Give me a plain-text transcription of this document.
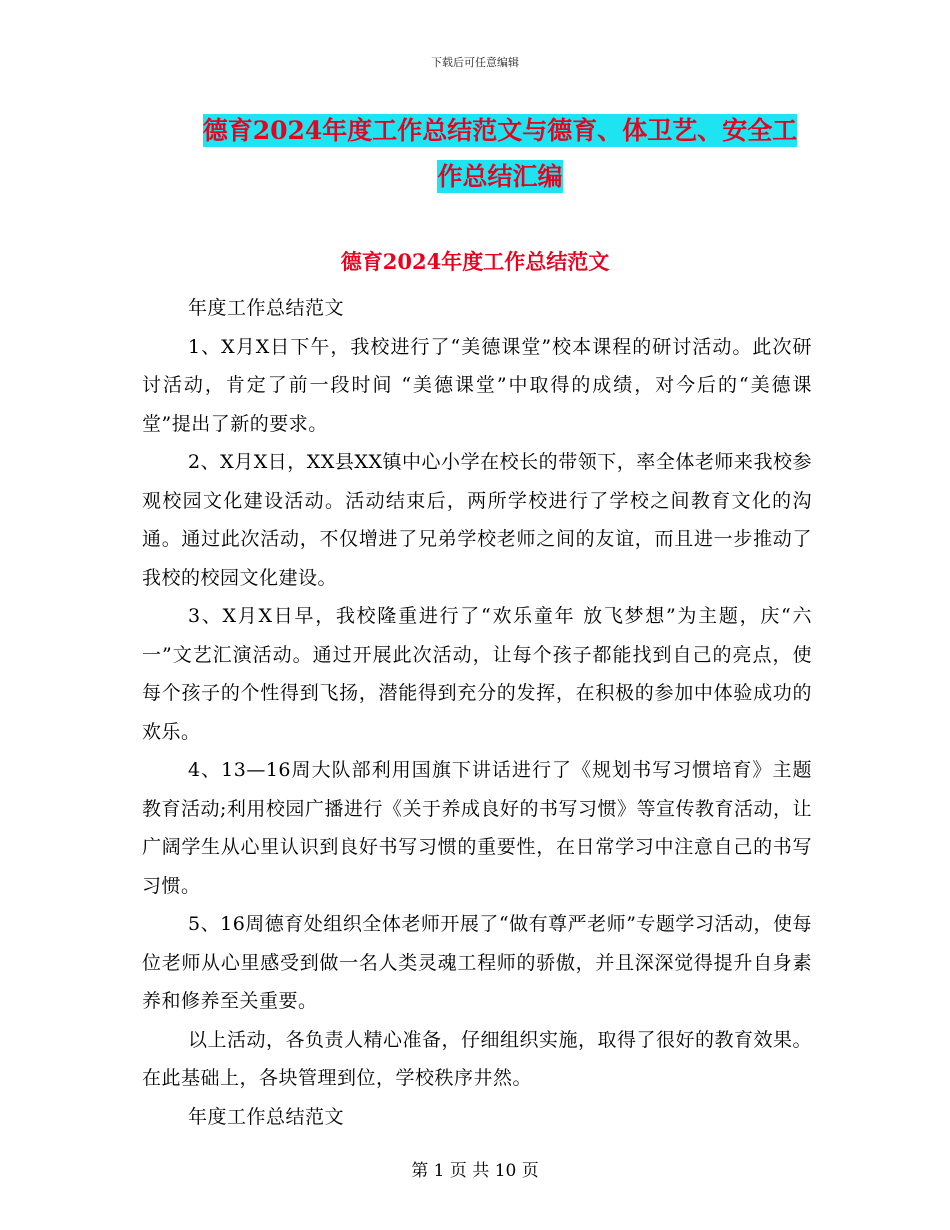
下载后可任意编辑
德育2024年度工作总结范文与德育、体卫艺、安全工
作总结汇编
德育2024年度工作总结范文

年度工作总结范文

1、X月X日下午，我校进行了“美德课堂”校本课程的研讨活动。此次研讨活动，肯定了前一段时间 “美德课堂”中取得的成绩，对今后的“美德课堂”提出了新的要求。

2、X月X日，XX县XX镇中心小学在校长的带领下，率全体老师来我校参观校园文化建设活动。活动结束后，两所学校进行了学校之间教育文化的沟通。通过此次活动，不仅增进了兄弟学校老师之间的友谊，而且进一步推动了我校的校园文化建设。

3、X月X日早，我校隆重进行了“欢乐童年 放飞梦想”为主题，庆“六一”文艺汇演活动。通过开展此次活动，让每个孩子都能找到自己的亮点，使每个孩子的个性得到飞扬，潜能得到充分的发挥，在积极的参加中体验成功的欢乐。

4、13—16周大队部利用国旗下讲话进行了《规划书写习惯培育》主题教育活动;利用校园广播进行《关于养成良好的书写习惯》等宣传教育活动，让广阔学生从心里认识到良好书写习惯的重要性，在日常学习中注意自己的书写习惯。

5、16周德育处组织全体老师开展了“做有尊严老师”专题学习活动，使每位老师从心里感受到做一名人类灵魂工程师的骄傲，并且深深觉得提升自身素养和修养至关重要。

以上活动，各负责人精心准备，仔细组织实施，取得了很好的教育效果。在此基础上，各块管理到位，学校秩序井然。

年度工作总结范文

第 1 页 共 10 页
